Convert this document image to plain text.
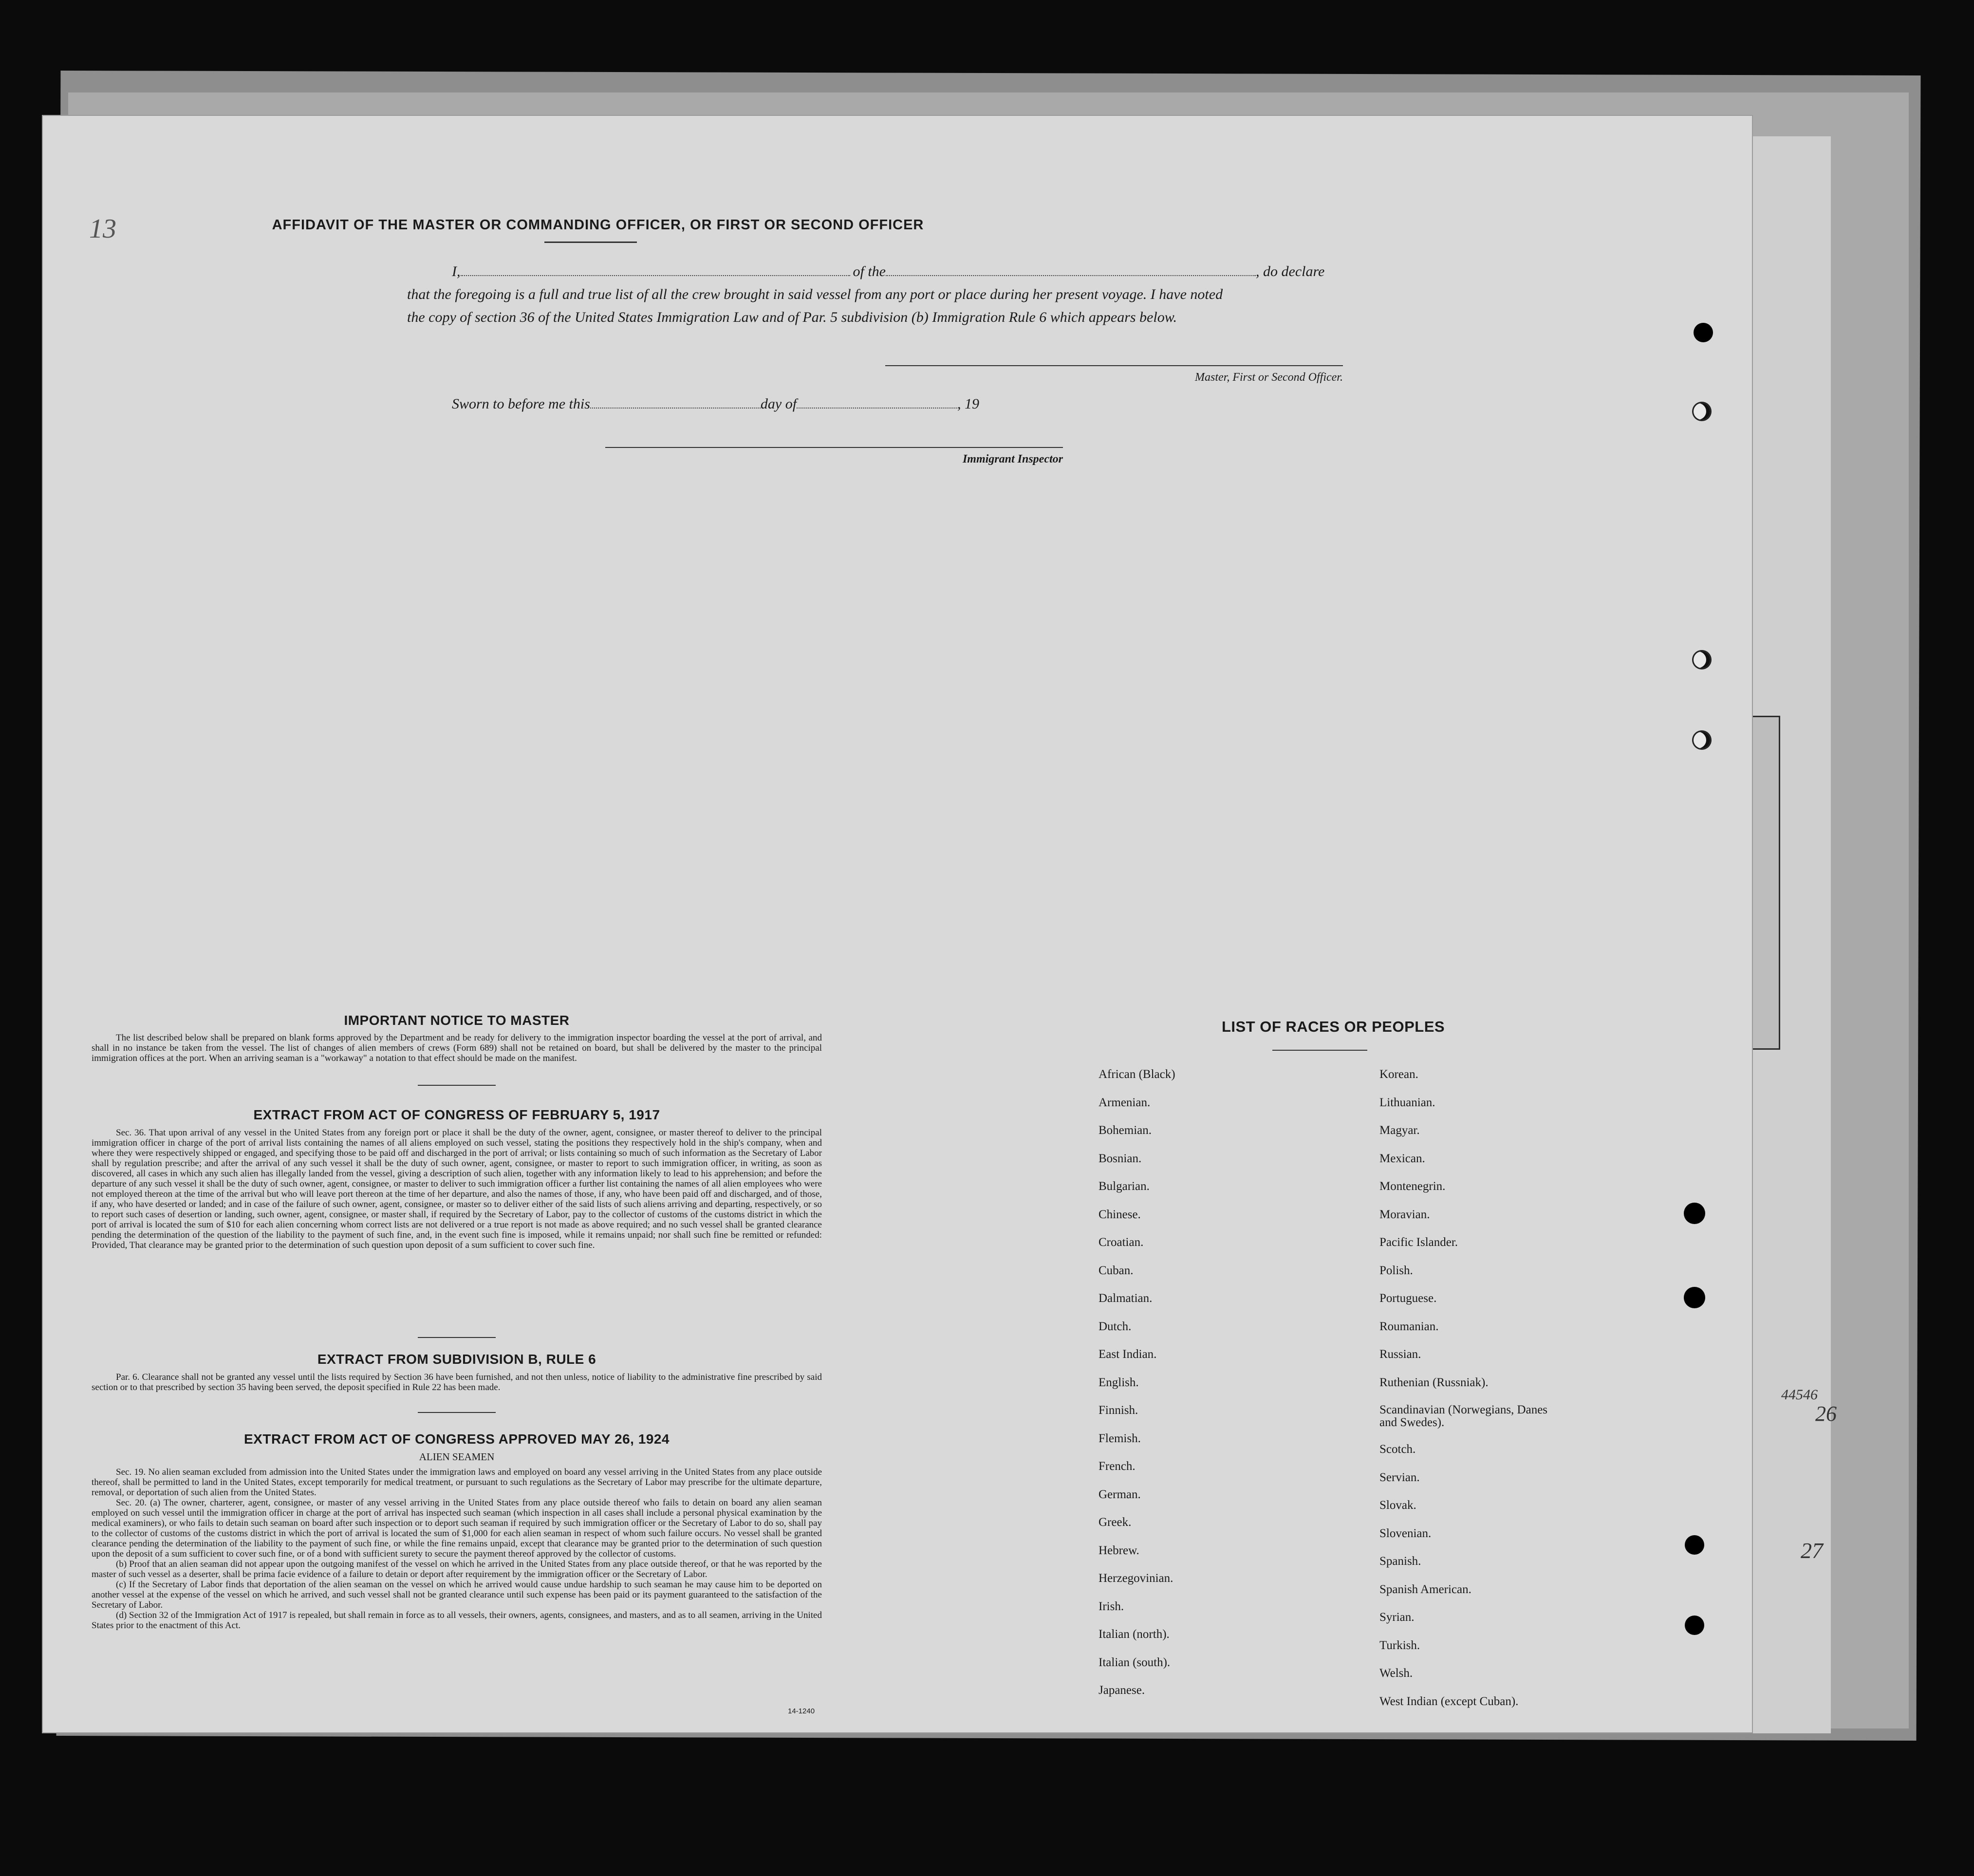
13	AFFIDAVIT OF THE MASTER OR COMMANDING OFFICER, OR FIRST OR SECOND OFFICER
I,	of the	, do declare
that the foregoing is a full and true list of all the crew brought in said vessel from any port or place during her present voyage. I have noted
the copy of section 36 of the United States Immigration Law and of Par. 5 subdivision (b) Immigration Rule 6 which appears below.
Master, First or Second Officer.
Sworn to before me this	day of	, 19
Immigrant Inspector
IMPORTANT NOTICE TO MASTER
The list described below shall be prepared on blank forms approved by the Department and be ready for delivery to the immigration inspector boarding the vessel at the port of arrival, and shall in no instance be taken from the vessel. The list of changes of alien members of crews (Form 689) shall not be retained on board, but shall be delivered by the master to the principal immigration offices at the port. When an arriving seaman is a "workaway" a notation to that effect should be made on the manifest.
EXTRACT FROM ACT OF CONGRESS OF FEBRUARY 5, 1917
Sec. 36. That upon arrival of any vessel in the United States from any foreign port or place it shall be the duty of the owner, agent, consignee, or master thereof to deliver to the principal immigration officer in charge of the port of arrival lists containing the names of all aliens employed on such vessel, stating the positions they respectively hold in the ship's company, when and where they were respectively shipped or engaged, and specifying those to be paid off and discharged in the port of arrival; or lists containing so much of such information as the Secretary of Labor shall by regulation prescribe; and after the arrival of any such vessel it shall be the duty of such owner, agent, consignee, or master to report to such immigration officer, in writing, as soon as discovered, all cases in which any such alien has illegally landed from the vessel, giving a description of such alien, together with any information likely to lead to his apprehension; and before the departure of any such vessel it shall be the duty of such owner, agent, consignee, or master to deliver to such immigration officer a further list containing the names of all alien employees who were not employed thereon at the time of the arrival but who will leave port thereon at the time of her departure, and also the names of those, if any, who have been paid off and discharged, and of those, if any, who have deserted or landed; and in case of the failure of such owner, agent, consignee, or master so to deliver either of the said lists of such aliens arriving and departing, respectively, or so to report such cases of desertion or landing, such owner, agent, consignee, or master shall, if required by the Secretary of Labor, pay to the collector of customs of the customs district in which the port of arrival is located the sum of $10 for each alien concerning whom correct lists are not delivered or a true report is not made as above required; and no such vessel shall be granted clearance pending the determination of the question of the liability to the payment of such fine, and, in the event such fine is imposed, while it remains unpaid; nor shall such fine be remitted or refunded: Provided, That clearance may be granted prior to the determination of such question upon deposit of a sum sufficient to cover such fine.
EXTRACT FROM SUBDIVISION B, RULE 6
Par. 6. Clearance shall not be granted any vessel until the lists required by Section 36 have been furnished, and not then unless, notice of liability to the administrative fine prescribed by said section or to that prescribed by section 35 having been served, the deposit specified in Rule 22 has been made.
EXTRACT FROM ACT OF CONGRESS APPROVED MAY 26, 1924
ALIEN SEAMEN
Sec. 19. No alien seaman excluded from admission into the United States under the immigration laws and employed on board any vessel arriving in the United States from any place outside thereof, shall be permitted to land in the United States, except temporarily for medical treatment, or pursuant to such regulations as the Secretary of Labor may prescribe for the ultimate departure, removal, or deportation of such alien from the United States.
Sec. 20. (a) The owner, charterer, agent, consignee, or master of any vessel arriving in the United States from any place outside thereof who fails to detain on board any alien seaman employed on such vessel until the immigration officer in charge at the port of arrival has inspected such seaman (which inspection in all cases shall include a personal physical examination by the medical examiners), or who fails to detain such seaman on board after such inspection or to deport such seaman if required by such immigration officer or the Secretary of Labor to do so, shall pay to the collector of customs of the customs district in which the port of arrival is located the sum of $1,000 for each alien seaman in respect of whom such failure occurs. No vessel shall be granted clearance pending the determination of the liability to the payment of such fine, or while the fine remains unpaid, except that clearance may be granted prior to the determination of such question upon the deposit of a sum sufficient to cover such fine, or of a bond with sufficient surety to secure the payment thereof approved by the collector of customs.
(b) Proof that an alien seaman did not appear upon the outgoing manifest of the vessel on which he arrived in the United States from any place outside thereof, or that he was reported by the master of such vessel as a deserter, shall be prima facie evidence of a failure to detain or deport after requirement by the immigration officer or the Secretary of Labor.
(c) If the Secretary of Labor finds that deportation of the alien seaman on the vessel on which he arrived would cause undue hardship to such seaman he may cause him to be deported on another vessel at the expense of the vessel on which he arrived, and such vessel shall not be granted clearance until such expense has been paid or its payment guaranteed to the satisfaction of the Secretary of Labor.
(d) Section 32 of the Immigration Act of 1917 is repealed, but shall remain in force as to all vessels, their owners, agents, consignees, and masters, and as to all seamen, arriving in the United States prior to the enactment of this Act.
14-1240
LIST OF RACES OR PEOPLES
African (Black)
Armenian.
Bohemian.
Bosnian.
Bulgarian.
Chinese.
Croatian.
Cuban.
Dalmatian.
Dutch.
East Indian.
English.
Finnish.
Flemish.
French.
German.
Greek.
Hebrew.
Herzegovinian.
Irish.
Italian (north).
Italian (south).
Japanese.
Korean.
Lithuanian.
Magyar.
Mexican.
Montenegrin.
Moravian.
Pacific Islander.
Polish.
Portuguese.
Roumanian.
Russian.
Ruthenian (Russniak).
Scandinavian (Norwegians, Danes and Swedes).
Scotch.
Servian.
Slovak.
Slovenian.
Spanish.
Spanish American.
Syrian.
Turkish.
Welsh.
West Indian (except Cuban).
44546
26
27
